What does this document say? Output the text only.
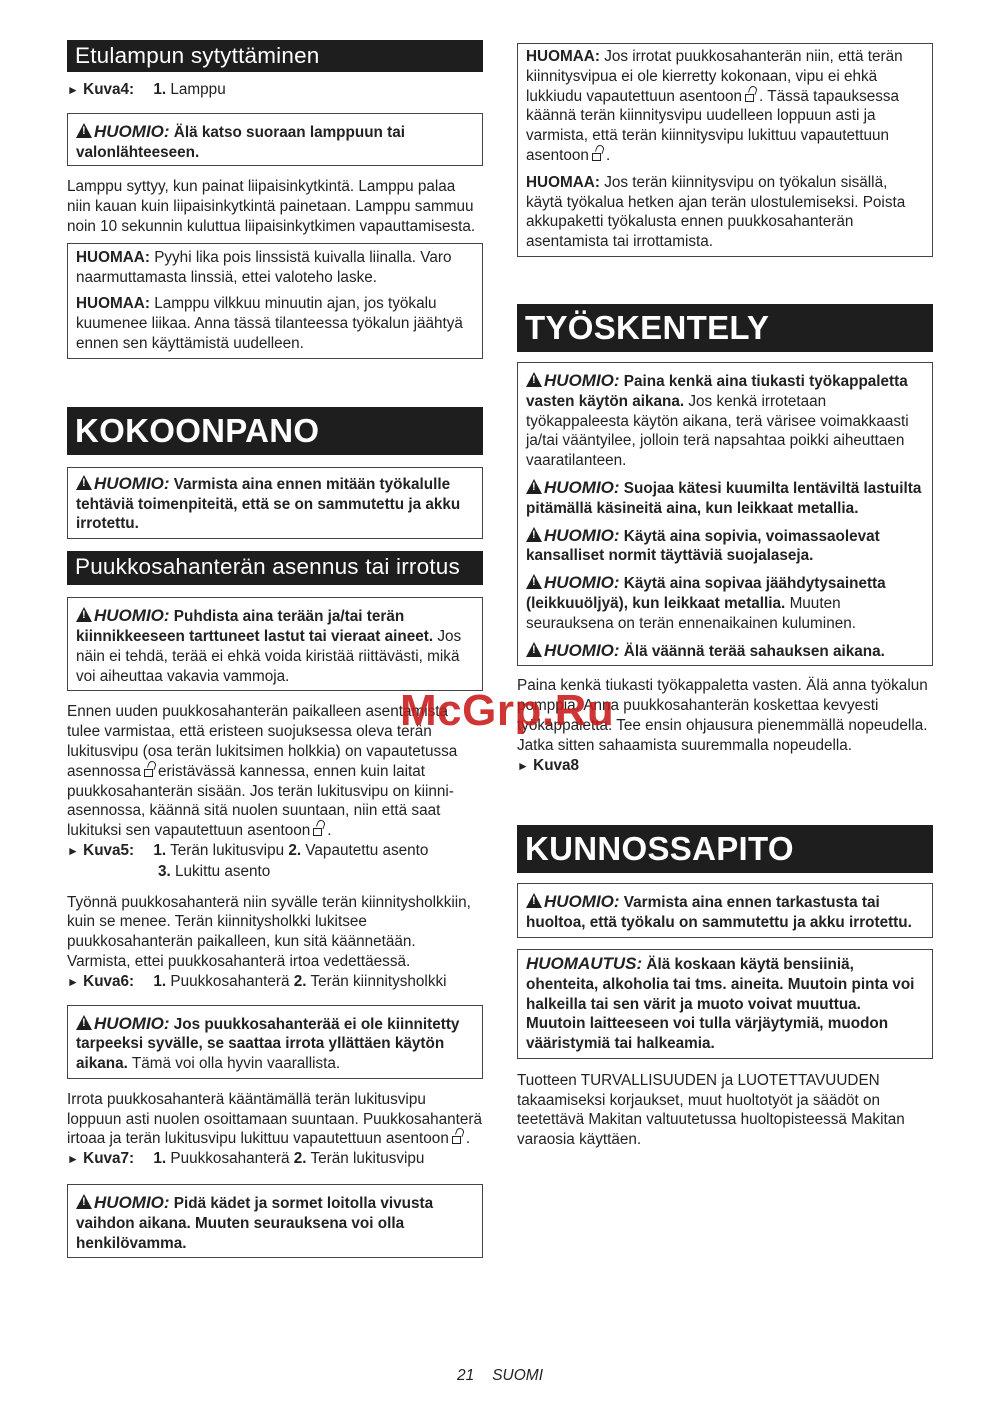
Etulampun sytyttäminen
► Kuva4: 1. Lamppu

!HUOMIO: Älä katso suoraan lamppuun tai valonlähteeseen.

Lamppu syttyy, kun painat liipaisinkytkintä. Lamppu palaa niin kauan kuin liipaisinkytkintä painetaan. Lamppu sammuu noin 10 sekunnin kuluttua liipaisinkytkimen vapauttamisesta.

HUOMAA: Pyyhi lika pois linssistä kuivalla liinalla. Varo naarmuttamasta linssiä, ettei valoteho laske.

HUOMAA: Lamppu vilkkuu minuutin ajan, jos työkalu kuumenee liikaa. Anna tässä tilanteessa työkalun jäähtyä ennen sen käyttämistä uudelleen.

KOKOONPANO

!HUOMIO: Varmista aina ennen mitään työkalulle tehtäviä toimenpiteitä, että se on sammutettu ja akku irrotettu.

Puukkosahanterän asennus tai irrotus

!HUOMIO: Puhdista aina terään ja/tai terän kiinnikkeeseen tarttuneet lastut tai vieraat aineet. Jos näin ei tehdä, terää ei ehkä voida kiristää riittävästi, mikä voi aiheuttaa vakavia vammoja.

Ennen uuden puukkosahanterän paikalleen asentamista tulee varmistaa, että eristeen suojuksessa oleva terän lukitusvipu (osa terän lukitsimen holkkia) on vapautetussa asennossa eristävässä kannessa, ennen kuin laitat puukkosahanterän sisään. Jos terän lukitusvipu on kiinni-asennossa, käännä sitä nuolen suuntaan, niin että saat lukituksi sen vapautettuun asentoon .

► Kuva5: 1. Terän lukitusvipu 2. Vapautettu asento
3. Lukittu asento

Työnnä puukkosahanterä niin syvälle terän kiinnitysholkkiin, kuin se menee. Terän kiinnitysholkki lukitsee puukkosahanterän paikalleen, kun sitä käännetään. Varmista, ettei puukkosahanterä irtoa vedettäessä.

► Kuva6: 1. Puukkosahanterä 2. Terän kiinnitysholkki

!HUOMIO: Jos puukkosahanterää ei ole kiinnitetty tarpeeksi syvälle, se saattaa irrota yllättäen käytön aikana. Tämä voi olla hyvin vaarallista.

Irrota puukkosahanterä kääntämällä terän lukitusvipu loppuun asti nuolen osoittamaan suuntaan. Puukkosahanterä irtoaa ja terän lukitusvipu lukittuu vapautettuun asentoon .

► Kuva7: 1. Puukkosahanterä 2. Terän lukitusvipu

!HUOMIO: Pidä kädet ja sormet loitolla vivusta vaihdon aikana. Muuten seurauksena voi olla henkilövamma.

HUOMAA: Jos irrotat puukkosahanterän niin, että terän kiinnitysvipua ei ole kierretty kokonaan, vipu ei ehkä lukkiudu vapautettuun asentoon . Tässä tapauksessa käännä terän kiinnitysvipu uudelleen loppuun asti ja varmista, että terän kiinnitysvipu lukittuu vapautettuun asentoon .

HUOMAA: Jos terän kiinnitysvipu on työkalun sisällä, käytä työkalua hetken ajan terän ulostulemiseksi. Poista akkupaketti työkalusta ennen puukkosahanterän asentamista tai irrottamista.

TYÖSKENTELY

!HUOMIO: Paina kenkä aina tiukasti työkappaletta vasten käytön aikana. Jos kenkä irrotetaan työkappaleesta käytön aikana, terä värisee voimakkaasti ja/tai vääntyilee, jolloin terä napsahtaa poikki aiheuttaen vaaratilanteen.

!HUOMIO: Suojaa kätesi kuumilta lentäviltä lastuilta pitämällä käsineitä aina, kun leikkaat metallia.

!HUOMIO: Käytä aina sopivia, voimassaolevat kansalliset normit täyttäviä suojalaseja.

!HUOMIO: Käytä aina sopivaa jäähdytysainetta (leikkuuöljyä), kun leikkaat metallia. Muuten seurauksena on terän ennenaikainen kuluminen.

!HUOMIO: Älä väännä terää sahauksen aikana.

Paina kenkä tiukasti työkappaletta vasten. Älä anna työkalun pomppia. Anna puukkosahanterän koskettaa kevyesti työkappaletta. Tee ensin ohjausura pienemmällä nopeudella. Jatka sitten sahaamista suuremmalla nopeudella.

► Kuva8
KUNNOSSAPITO

!HUOMIO: Varmista aina ennen tarkastusta tai huoltoa, että työkalu on sammutettu ja akku irrotettu.

HUOMAUTUS: Älä koskaan käytä bensiiniä, ohenteita, alkoholia tai tms. aineita. Muutoin pinta voi halkeilla tai sen värit ja muoto voivat muuttua. Muutoin laitteeseen voi tulla värjäytymiä, muodon vääristymiä tai halkeamia.

Tuotteen TURVALLISUUDEN ja LUOTETTAVUUDEN takaamiseksi korjaukset, muut huoltotyöt ja säädöt on teetettävä Makitan valtuutetussa huoltopisteessä Makitan varaosia käyttäen.

McGrp.Ru
21 SUOMI
